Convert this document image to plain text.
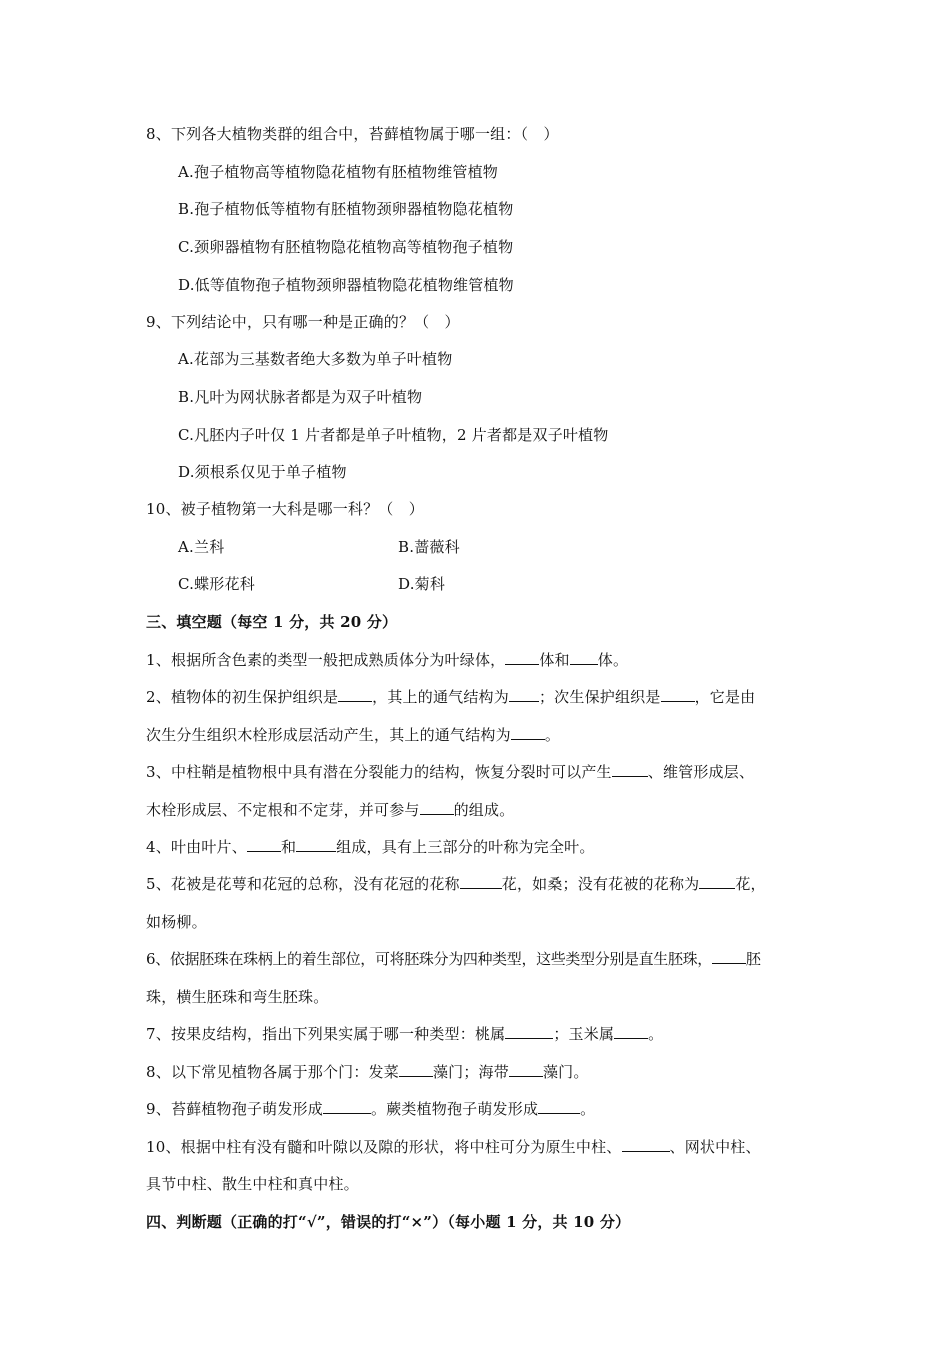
8、下列各大植物类群的组合中，苔藓植物属于哪一组：（　）
A.孢子植物高等植物隐花植物有胚植物维管植物
B.孢子植物低等植物有胚植物颈卵器植物隐花植物
C.颈卵器植物有胚植物隐花植物高等植物孢子植物
D.低等值物孢子植物颈卵器植物隐花植物维管植物
9、下列结论中，只有哪一种是正确的？（　）
A.花部为三基数者绝大多数为单子叶植物
B.凡叶为网状脉者都是为双子叶植物
C.凡胚内子叶仅 1 片者都是单子叶植物，2 片者都是双子叶植物
D.须根系仅见于单子植物
10、被子植物第一大科是哪一科？（　）
A.兰科	B.蔷薇科
C.蝶形花科	D.菊科
三、填空题（每空 1 分，共 20 分）
1、根据所含色素的类型一般把成熟质体分为叶绿体， 体和 体。
2、植物体的初生保护组织是 ，其上的通气结构为 ；次生保护组织是 ，它是由
次生分生组织木栓形成层活动产生，其上的通气结构为 。
3、中柱鞘是植物根中具有潜在分裂能力的结构，恢复分裂时可以产生 、维管形成层、
木栓形成层、不定根和不定芽，并可参与 的组成。
4、叶由叶片、 和	组成，具有上三部分的叶称为完全叶。
5、花被是花萼和花冠的总称，没有花冠的花称	花，如桑；没有花被的花称为 花，
如杨柳。
6、依据胚珠在珠柄上的着生部位，可将胚珠分为四种类型，这些类型分别是直生胚珠， 胚
珠，横生胚珠和弯生胚珠。
7、按果皮结构，指出下列果实属于哪一种类型：桃属	；玉米属 。
8、以下常见植物各属于那个门：发菜 藻门；海带 藻门。
9、苔藓植物孢子萌发形成	。蕨类植物孢子萌发形成	。
10、根据中柱有没有髓和叶隙以及隙的形状，将中柱可分为原生中柱、	、网状中柱、
具节中柱、散生中柱和真中柱。
四、判断题（正确的打“√”，错误的打“×”）（每小题 1 分，共 10 分）
